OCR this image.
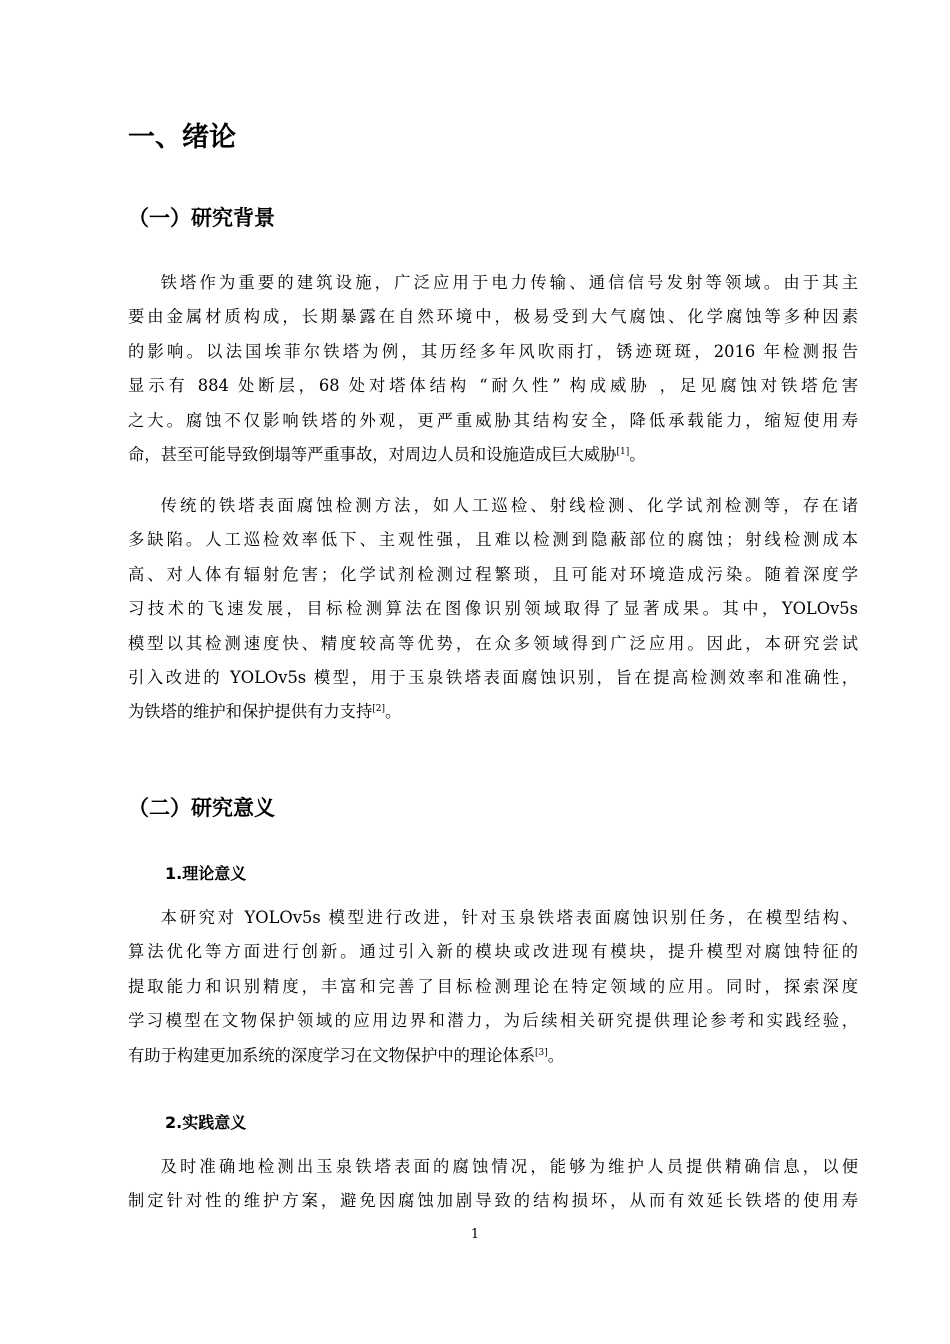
一、绪论
（一）研究背景
铁塔作为重要的建筑设施，广泛应用于电力传输、通信信号发射等领域。由于其主
要由金属材质构成，长期暴露在自然环境中，极易受到大气腐蚀、化学腐蚀等多种因素
的影响。以法国埃菲尔铁塔为例，其历经多年风吹雨打，锈迹斑斑，2016 年检测报告
显示有 884 处断层，68 处对塔体结构 “耐久性” 构成威胁 ，足见腐蚀对铁塔危害
之大。腐蚀不仅影响铁塔的外观，更严重威胁其结构安全，降低承载能力，缩短使用寿
命，甚至可能导致倒塌等严重事故，对周边人员和设施造成巨大威胁[1]。
传统的铁塔表面腐蚀检测方法，如人工巡检、射线检测、化学试剂检测等，存在诸
多缺陷。人工巡检效率低下、主观性强，且难以检测到隐蔽部位的腐蚀；射线检测成本
高、对人体有辐射危害；化学试剂检测过程繁琐，且可能对环境造成污染。随着深度学
习技术的飞速发展，目标检测算法在图像识别领域取得了显著成果。其中，YOLOv5s
模型以其检测速度快、精度较高等优势，在众多领域得到广泛应用。因此，本研究尝试
引入改进的 YOLOv5s 模型，用于玉泉铁塔表面腐蚀识别，旨在提高检测效率和准确性，
为铁塔的维护和保护提供有力支持[2]。
（二）研究意义
1.理论意义
本研究对 YOLOv5s 模型进行改进，针对玉泉铁塔表面腐蚀识别任务，在模型结构、
算法优化等方面进行创新。通过引入新的模块或改进现有模块，提升模型对腐蚀特征的
提取能力和识别精度，丰富和完善了目标检测理论在特定领域的应用。同时，探索深度
学习模型在文物保护领域的应用边界和潜力，为后续相关研究提供理论参考和实践经验，
有助于构建更加系统的深度学习在文物保护中的理论体系[3]。
2.实践意义
及时准确地检测出玉泉铁塔表面的腐蚀情况，能够为维护人员提供精确信息，以便
制定针对性的维护方案，避免因腐蚀加剧导致的结构损坏，从而有效延长铁塔的使用寿
1
